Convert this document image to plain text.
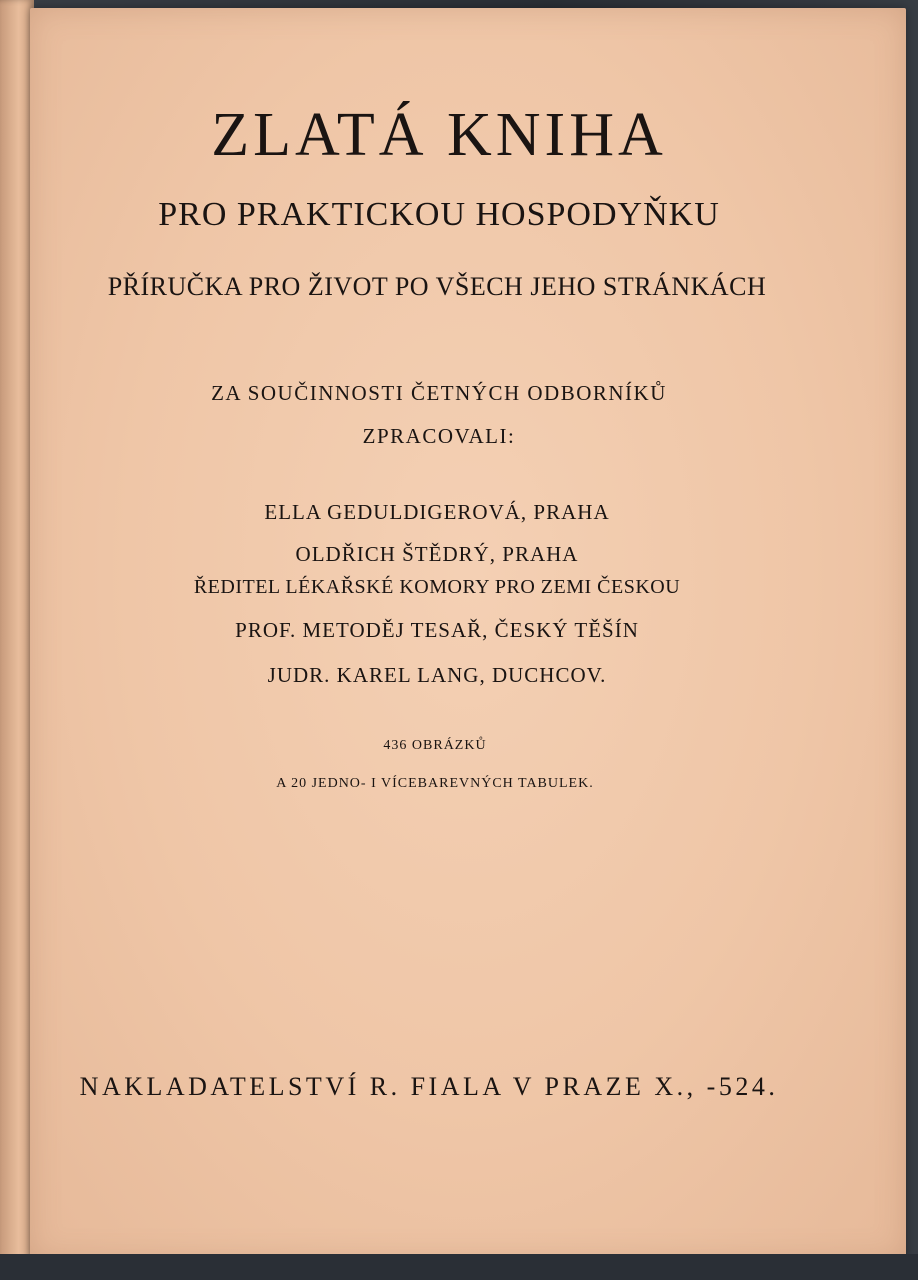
ZLATÁ KNIHA
PRO PRAKTICKOU HOSPODYŇKU
PŘÍRUČKA PRO ŽIVOT PO VŠECH JEHO STRÁNKÁCH
ZA SOUČINNOSTI ČETNÝCH ODBORNÍKŮ
ZPRACOVALI:
ELLA GEDULDIGEROVÁ, PRAHA
OLDŘICH ŠTĚDRÝ, PRAHA
ŘEDITEL LÉKAŘSKÉ KOMORY PRO ZEMI ČESKOU
PROF. METODĚJ TESAŘ, ČESKÝ TĚŠÍN
JUDR. KAREL LANG, DUCHCOV.
436 OBRÁZKŮ
A 20 JEDNO- I VÍCEBAREVNÝCH TABULEK.
NAKLADATELSTVÍ R. FIALA V PRAZE X., -524.
